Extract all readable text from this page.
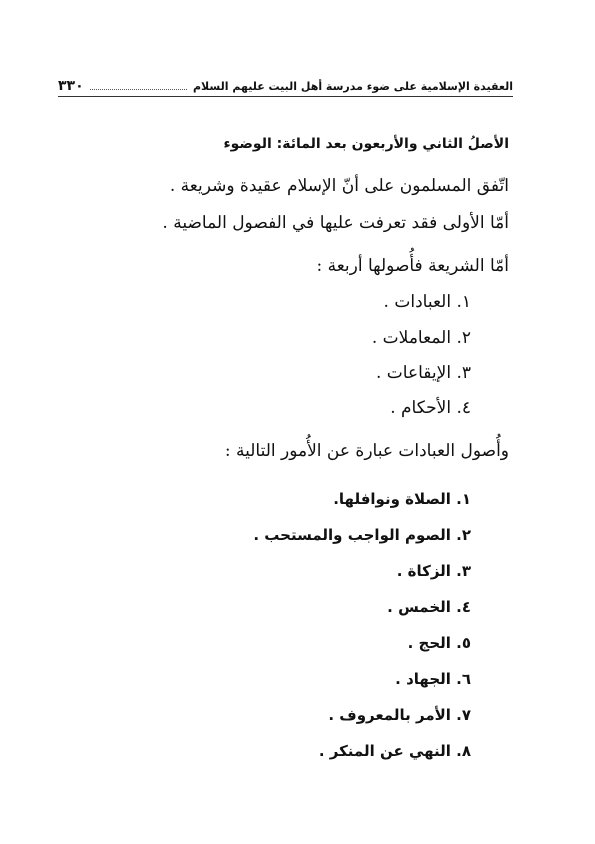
٣٣٠	العقيدة الإسلامية على ضوء مدرسة أهل البيت عليهم السلام
الأصلُ الثاني والأربعون بعد المائة: الوضوء
اتّفق المسلمون على أنّ الإسلام عقيدة وشريعة .
أمّا الأولى فقد تعرفت عليها في الفصول الماضية .
أمّا الشريعة فأُصولها أربعة :
١. العبادات .
٢. المعاملات .
٣. الإيقاعات .
٤. الأحكام .
وأُصول العبادات عبارة عن الأُمور التالية :
١. الصلاة ونوافلها.
٢. الصوم الواجب والمستحب .
٣. الزكاة .
٤. الخمس .
٥. الحج .
٦. الجهاد .
٧. الأمر بالمعروف .
٨. النهي عن المنكر .
